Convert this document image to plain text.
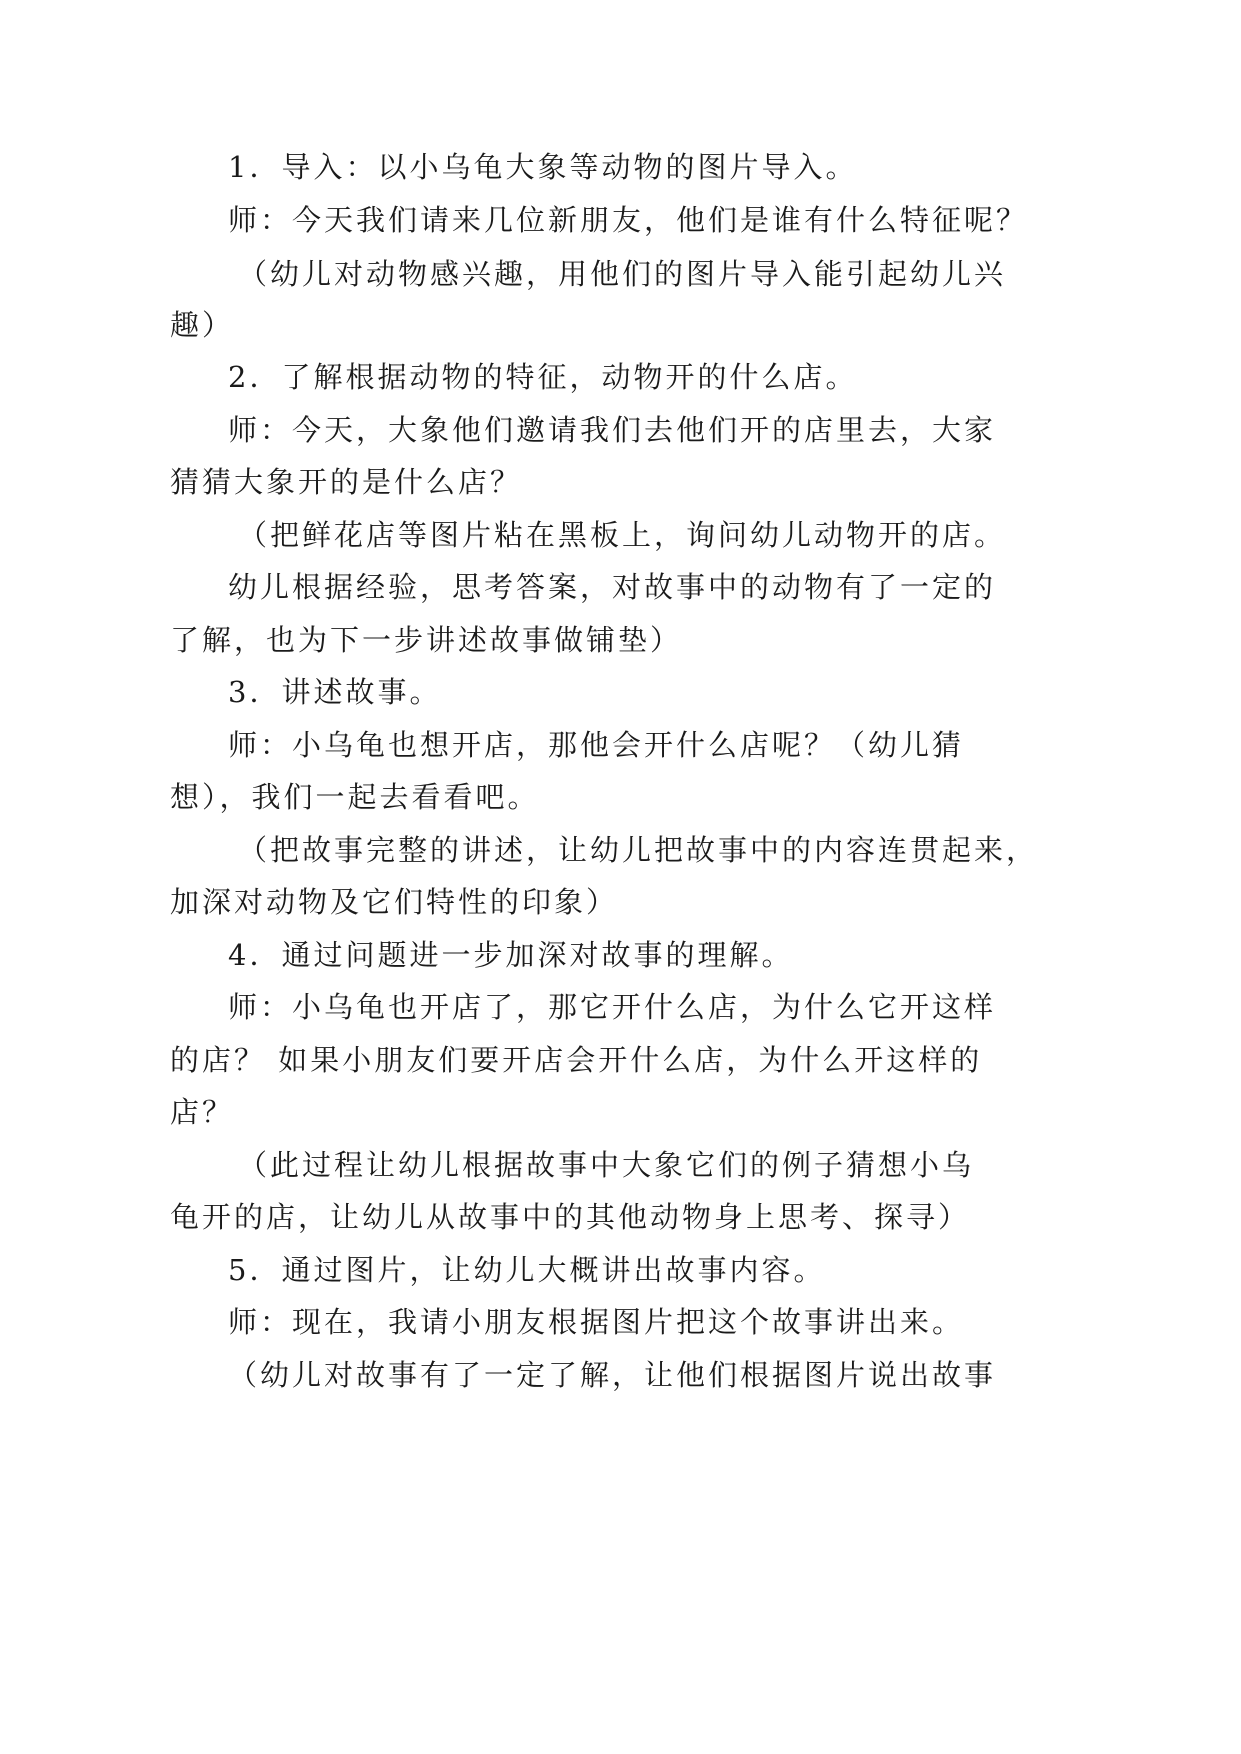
1．导入：以小乌龟大象等动物的图片导入。
师：今天我们请来几位新朋友，他们是谁有什么特征呢？
（幼儿对动物感兴趣，用他们的图片导入能引起幼儿兴
趣）
2．了解根据动物的特征，动物开的什么店。
师：今天，大象他们邀请我们去他们开的店里去，大家
猜猜大象开的是什么店？
（把鲜花店等图片粘在黑板上，询问幼儿动物开的店。
幼儿根据经验，思考答案，对故事中的动物有了一定的
了解，也为下一步讲述故事做铺垫）
3．讲述故事。
师：小乌龟也想开店，那他会开什么店呢？（幼儿猜
想），我们一起去看看吧。
（把故事完整的讲述，让幼儿把故事中的内容连贯起来，
加深对动物及它们特性的印象）
4．通过问题进一步加深对故事的理解。
师：小乌龟也开店了，那它开什么店，为什么它开这样
的店？ 如果小朋友们要开店会开什么店，为什么开这样的
店？
（此过程让幼儿根据故事中大象它们的例子猜想小乌
龟开的店，让幼儿从故事中的其他动物身上思考、探寻）
5．通过图片，让幼儿大概讲出故事内容。
师：现在，我请小朋友根据图片把这个故事讲出来。
（幼儿对故事有了一定了解，让他们根据图片说出故事
